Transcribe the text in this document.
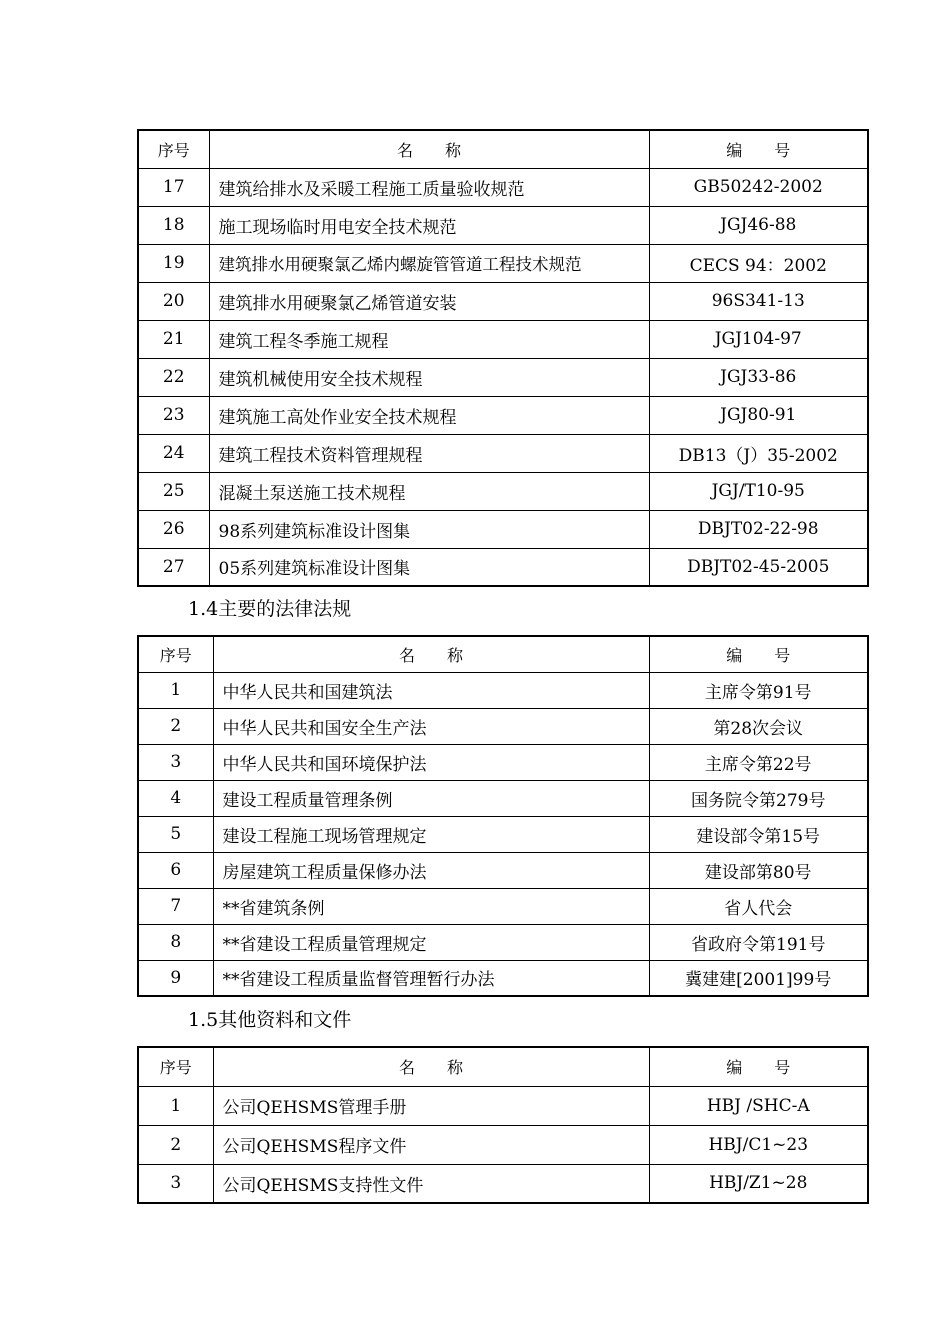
序号	名　　称	编　　号
17	建筑给排水及采暖工程施工质量验收规范	GB50242-2002
18	施工现场临时用电安全技术规范	JGJ46-88
19	建筑排水用硬聚氯乙烯内螺旋管管道工程技术规范	CECS 94：2002
20	建筑排水用硬聚氯乙烯管道安装	96S341-13
21	建筑工程冬季施工规程	JGJ104-97
22	建筑机械使用安全技术规程	JGJ33-86
23	建筑施工高处作业安全技术规程	JGJ80-91
24	建筑工程技术资料管理规程	DB13（J）35-2002
25	混凝土泵送施工技术规程	JGJ/T10-95
26	98系列建筑标准设计图集	DBJT02-22-98
27	05系列建筑标准设计图集	DBJT02-45-2005
1.4主要的法律法规
序号	名　　称	编　　号
1	中华人民共和国建筑法	主席令第91号
2	中华人民共和国安全生产法	第28次会议
3	中华人民共和国环境保护法	主席令第22号
4	建设工程质量管理条例	国务院令第279号
5	建设工程施工现场管理规定	建设部令第15号
6	房屋建筑工程质量保修办法	建设部第80号
7	**省建筑条例	省人代会
8	**省建设工程质量管理规定	省政府令第191号
9	**省建设工程质量监督管理暂行办法	冀建建[2001]99号
1.5其他资料和文件
序号	名　　称	编　　号
1	公司QEHSMS管理手册	HBJ /SHC-A
2	公司QEHSMS程序文件	HBJ/C1~23
3	公司QEHSMS支持性文件	HBJ/Z1~28
